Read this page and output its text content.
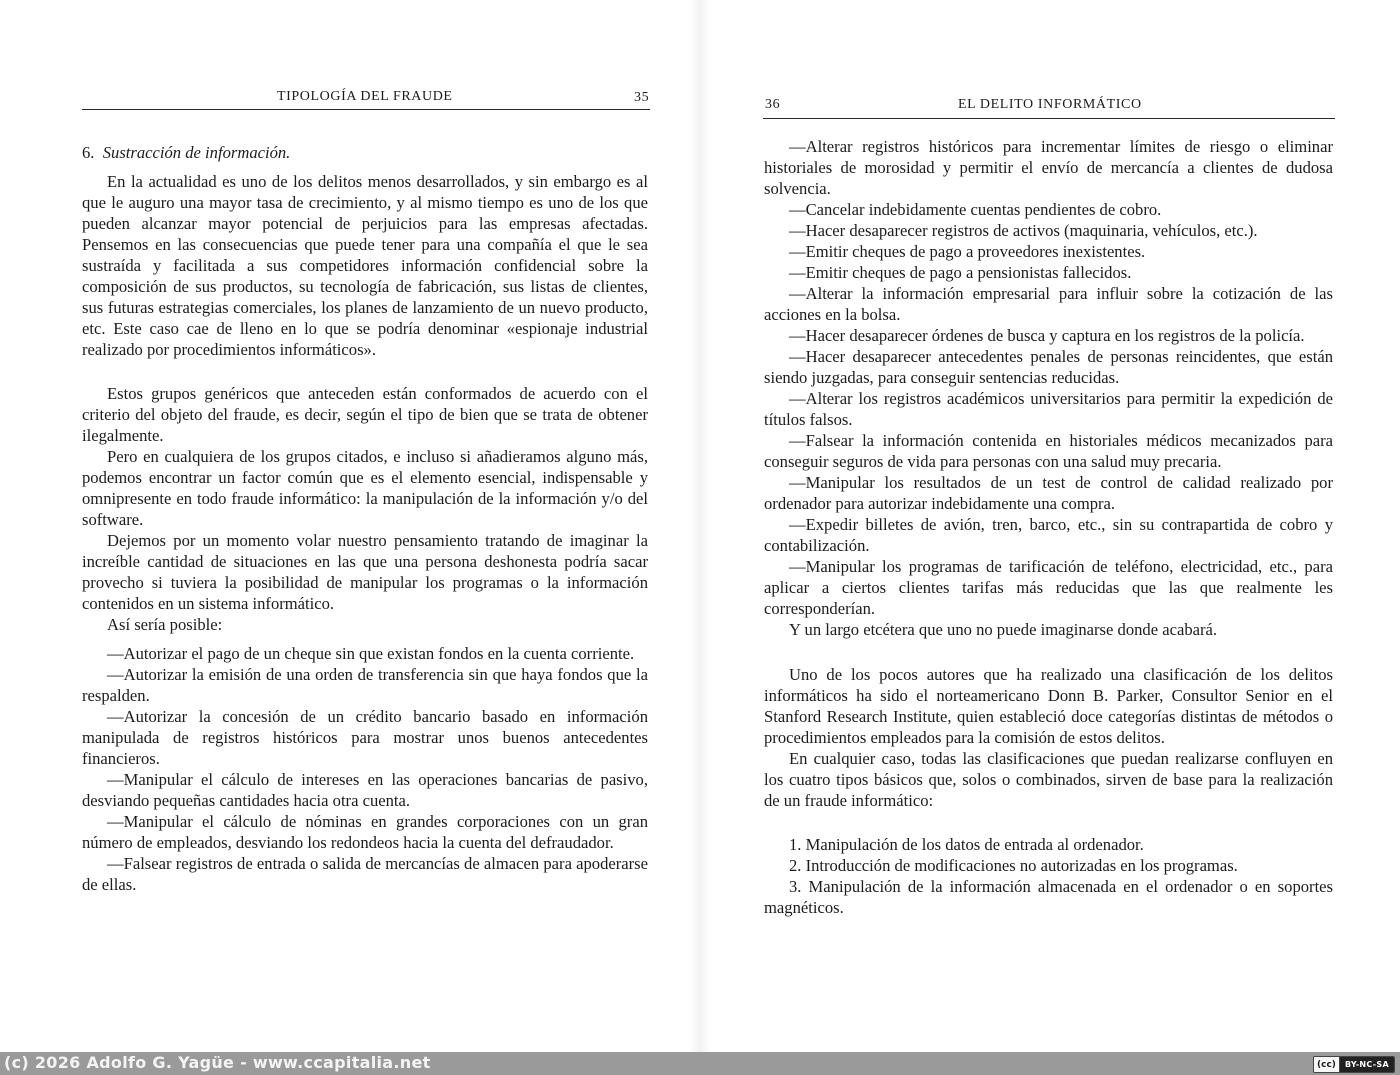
TIPOLOGÍA DEL FRAUDE	35

6. Sustracción de información.

En la actualidad es uno de los delitos menos desarrollados, y sin embargo es al que le auguro una mayor tasa de crecimiento, y al mismo tiempo es uno de los que pueden alcanzar mayor potencial de perjuicios para las empresas afectadas. Pensemos en las consecuencias que puede tener para una compañía el que le sea sustraída y facilitada a sus competidores información confidencial sobre la composición de sus productos, su tecnología de fabricación, sus listas de clientes, sus futuras estrategias comerciales, los planes de lanzamiento de un nuevo producto, etc. Este caso cae de lleno en lo que se podría denominar «espionaje industrial realizado por procedimientos informáticos».

Estos grupos genéricos que anteceden están conformados de acuerdo con el criterio del objeto del fraude, es decir, según el tipo de bien que se trata de obtener ilegalmente.

Pero en cualquiera de los grupos citados, e incluso si añadieramos alguno más, podemos encontrar un factor común que es el elemento esencial, indispensable y omnipresente en todo fraude informático: la manipulación de la información y/o del software.

Dejemos por un momento volar nuestro pensamiento tratando de imaginar la increíble cantidad de situaciones en las que una persona deshonesta podría sacar provecho si tuviera la posibilidad de manipular los programas o la información contenidos en un sistema informático.

Así sería posible:

—Autorizar el pago de un cheque sin que existan fondos en la cuenta corriente.

—Autorizar la emisión de una orden de transferencia sin que haya fondos que la respalden.

—Autorizar la concesión de un crédito bancario basado en información manipulada de registros históricos para mostrar unos buenos antecedentes financieros.

—Manipular el cálculo de intereses en las operaciones bancarias de pasivo, desviando pequeñas cantidades hacia otra cuenta.

—Manipular el cálculo de nóminas en grandes corporaciones con un gran número de empleados, desviando los redondeos hacia la cuenta del defraudador.

—Falsear registros de entrada o salida de mercancías de almacen para apoderarse de ellas.

36	EL DELITO INFORMÁTICO

—Alterar registros históricos para incrementar límites de riesgo o eliminar historiales de morosidad y permitir el envío de mercancía a clientes de dudosa solvencia.

—Cancelar indebidamente cuentas pendientes de cobro.

—Hacer desaparecer registros de activos (maquinaria, vehículos, etc.).

—Emitir cheques de pago a proveedores inexistentes.

—Emitir cheques de pago a pensionistas fallecidos.

—Alterar la información empresarial para influir sobre la cotización de las acciones en la bolsa.

—Hacer desaparecer órdenes de busca y captura en los registros de la policía.

—Hacer desaparecer antecedentes penales de personas reincidentes, que están siendo juzgadas, para conseguir sentencias reducidas.

—Alterar los registros académicos universitarios para permitir la expedición de títulos falsos.

—Falsear la información contenida en historiales médicos mecanizados para conseguir seguros de vida para personas con una salud muy precaria.

—Manipular los resultados de un test de control de calidad realizado por ordenador para autorizar indebidamente una compra.

—Expedir billetes de avión, tren, barco, etc., sin su contrapartida de cobro y contabilización.

—Manipular los programas de tarificación de teléfono, electricidad, etc., para aplicar a ciertos clientes tarifas más reducidas que las que realmente les corresponderían.

Y un largo etcétera que uno no puede imaginarse donde acabará.

Uno de los pocos autores que ha realizado una clasificación de los delitos informáticos ha sido el norteamericano Donn B. Parker, Consultor Senior en el Stanford Research Institute, quien estableció doce categorías distintas de métodos o procedimientos empleados para la comisión de estos delitos.

En cualquier caso, todas las clasificaciones que puedan realizarse confluyen en los cuatro tipos básicos que, solos o combinados, sirven de base para la realización de un fraude informático:

1. Manipulación de los datos de entrada al ordenador.

2. Introducción de modificaciones no autorizadas en los programas.

3. Manipulación de la información almacenada en el ordenador o en soportes magnéticos.

(c) 2026 Adolfo G. Yagüe - www.ccapitalia.net	(cc)	BY-NC-SA
